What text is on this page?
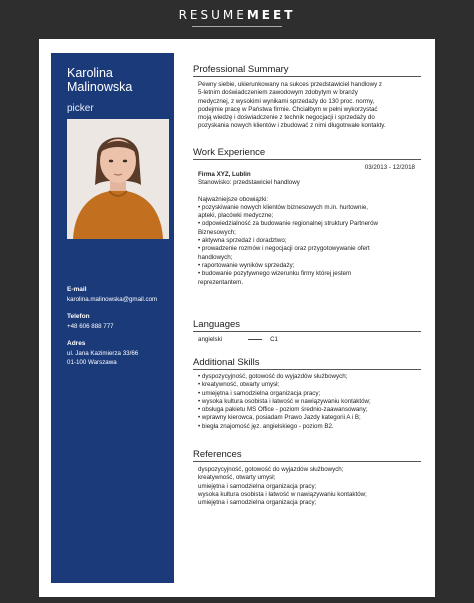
RESUMEMEET
Karolina
Malinowska
picker
E-mail
karolina.malinowska@gmail.com
Telefon
+48 606 888 777
Adres
ul. Jana Kazimierza 33/66
01-100 Warszawa
Professional Summary
Pewny siebie, ukierunkowany na sukces przedstawiciel handlowy z
5-letnim doświadczeniem zawodowym zdobytym w branży
medycznej, z wysokimi wynikami sprzedaży do 130 proc. normy,
podejmie pracę w Państwa firmie. Chciałbym w pełni wykorzystać
moją wiedzę i doświadczenie z technik negocjacji i sprzedaży do
pozyskania nowych klientów i zbudować z nimi długotrwałe kontakty.
Work Experience
03/2013 - 12/2018
Firma XYZ, Lublin
Stanowisko: przedstawiciel handlowy
Najważniejsze obowiązki:
• pozyskiwanie nowych klientów biznesowych m.in. hurtownie,
apteki, placówki medyczne;
• odpowiedzialność za budowanie regionalnej struktury Partnerów
Biznesowych;
• aktywna sprzedaż i doradztwo;
• prowadzenie rozmów i negocjacji oraz przygotowywanie ofert
handlowych;
• raportowanie wyników sprzedaży;
• budowanie pozytywnego wizerunku firmy której jestem
reprezentantem.
Languages
angielski	C1
Additional Skills
• dyspozycyjność, gotowość do wyjazdów służbowych;
• kreatywność, otwarty umysł;
• umiejętna i samodzielna organizacja pracy;
• wysoka kultura osobista i łatwość w nawiązywaniu kontaktów;
• obsługa pakietu MS Office - poziom średnio-zaawansowany;
• wprawny kierowca, posiadam Prawo Jazdy kategorii A i B;
• biegła znajomość jęz. angielskiego - poziom B2.
References
dyspozycyjność, gotowość do wyjazdów służbowych;
kreatywność, otwarty umysł;
umiejętna i samodzielna organizacja pracy;
wysoka kultura osobista i łatwość w nawiązywaniu kontaktów;
umiejętna i samodzielna organizacja pracy;
